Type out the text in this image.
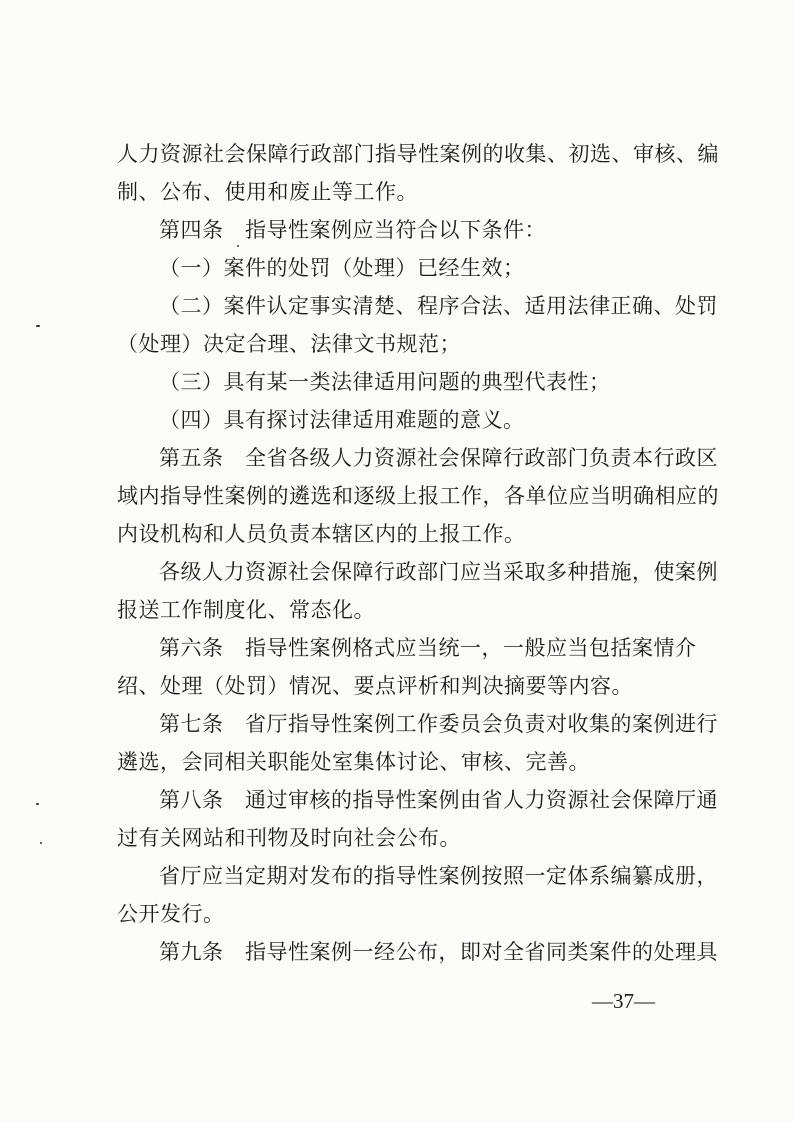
人力资源社会保障行政部门指导性案例的收集、初选、审核、编
制、公布、使用和废止等工作。
第四条　指导性案例应当符合以下条件：
（一）案件的处罚（处理）已经生效；
（二）案件认定事实清楚、程序合法、适用法律正确、处罚
（处理）决定合理、法律文书规范；
（三）具有某一类法律适用问题的典型代表性；
（四）具有探讨法律适用难题的意义。
第五条　全省各级人力资源社会保障行政部门负责本行政区
域内指导性案例的遴选和逐级上报工作，各单位应当明确相应的
内设机构和人员负责本辖区内的上报工作。
各级人力资源社会保障行政部门应当采取多种措施，使案例
报送工作制度化、常态化。
第六条　指导性案例格式应当统一，一般应当包括案情介
绍、处理（处罚）情况、要点评析和判决摘要等内容。
第七条　省厅指导性案例工作委员会负责对收集的案例进行
遴选，会同相关职能处室集体讨论、审核、完善。
第八条　通过审核的指导性案例由省人力资源社会保障厅通
过有关网站和刊物及时向社会公布。
省厅应当定期对发布的指导性案例按照一定体系编纂成册，
公开发行。
第九条　指导性案例一经公布，即对全省同类案件的处理具
—37—
